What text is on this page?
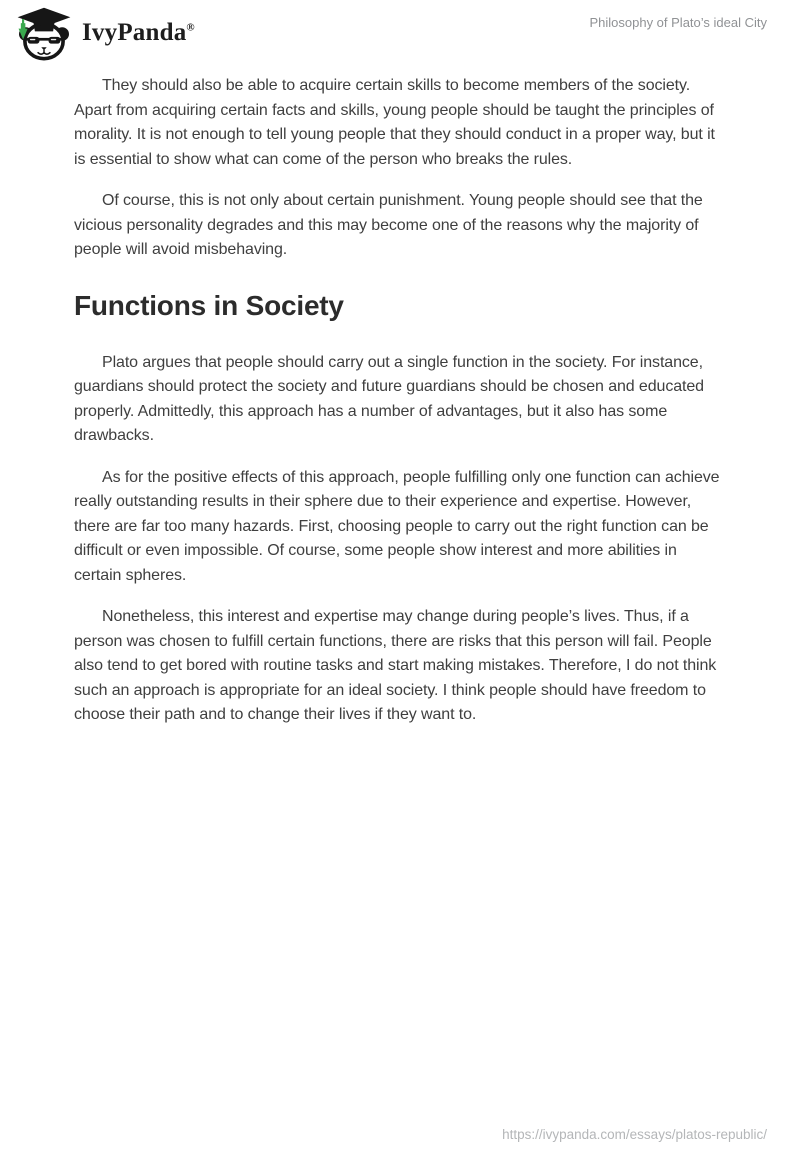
IvyPanda®	Philosophy of Plato’s ideal City

They should also be able to acquire certain skills to become members of the society. Apart from acquiring certain facts and skills, young people should be taught the principles of morality. It is not enough to tell young people that they should conduct in a proper way, but it is essential to show what can come of the person who breaks the rules.

Of course, this is not only about certain punishment. Young people should see that the vicious personality degrades and this may become one of the reasons why the majority of people will avoid misbehaving.

Functions in Society

Plato argues that people should carry out a single function in the society. For instance, guardians should protect the society and future guardians should be chosen and educated properly. Admittedly, this approach has a number of advantages, but it also has some drawbacks.

As for the positive effects of this approach, people fulfilling only one function can achieve really outstanding results in their sphere due to their experience and expertise. However, there are far too many hazards. First, choosing people to carry out the right function can be difficult or even impossible. Of course, some people show interest and more abilities in certain spheres.

Nonetheless, this interest and expertise may change during people’s lives. Thus, if a person was chosen to fulfill certain functions, there are risks that this person will fail. People also tend to get bored with routine tasks and start making mistakes. Therefore, I do not think such an approach is appropriate for an ideal society. I think people should have freedom to choose their path and to change their lives if they want to.

https://ivypanda.com/essays/platos-republic/
